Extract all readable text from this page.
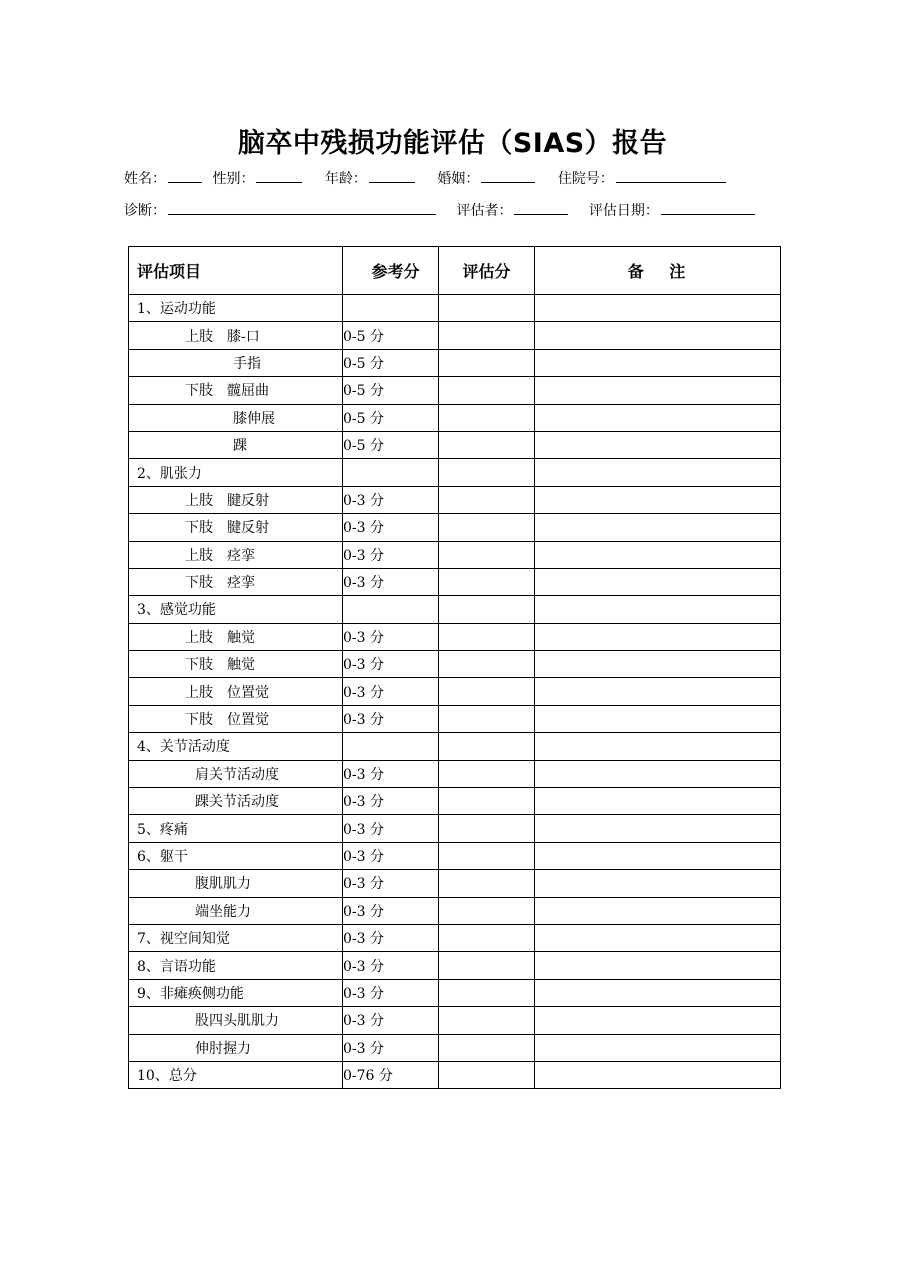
脑卒中残损功能评估（SIAS）报告
姓名：	性别：	年龄：	婚姻：	住院号：
诊断：	评估者：	评估日期：
评估项目	参考分	评估分	备 注
1、运动功能			
上肢 膝-口	0-5 分		
手指	0-5 分		
下肢 髋屈曲	0-5 分		
膝伸展	0-5 分		
踝	0-5 分		
2、肌张力			
上肢 腱反射	0-3 分		
下肢 腱反射	0-3 分		
上肢 痉挛	0-3 分		
下肢 痉挛	0-3 分		
3、感觉功能			
上肢 触觉	0-3 分		
下肢 触觉	0-3 分		
上肢 位置觉	0-3 分		
下肢 位置觉	0-3 分		
4、关节活动度			
肩关节活动度	0-3 分		
踝关节活动度	0-3 分		
5、疼痛	0-3 分		
6、躯干	0-3 分		
腹肌肌力	0-3 分		
端坐能力	0-3 分		
7、视空间知觉	0-3 分		
8、言语功能	0-3 分		
9、非瘫痪侧功能	0-3 分		
股四头肌肌力	0-3 分		
伸肘握力	0-3 分		
10、总分	0-76 分		
